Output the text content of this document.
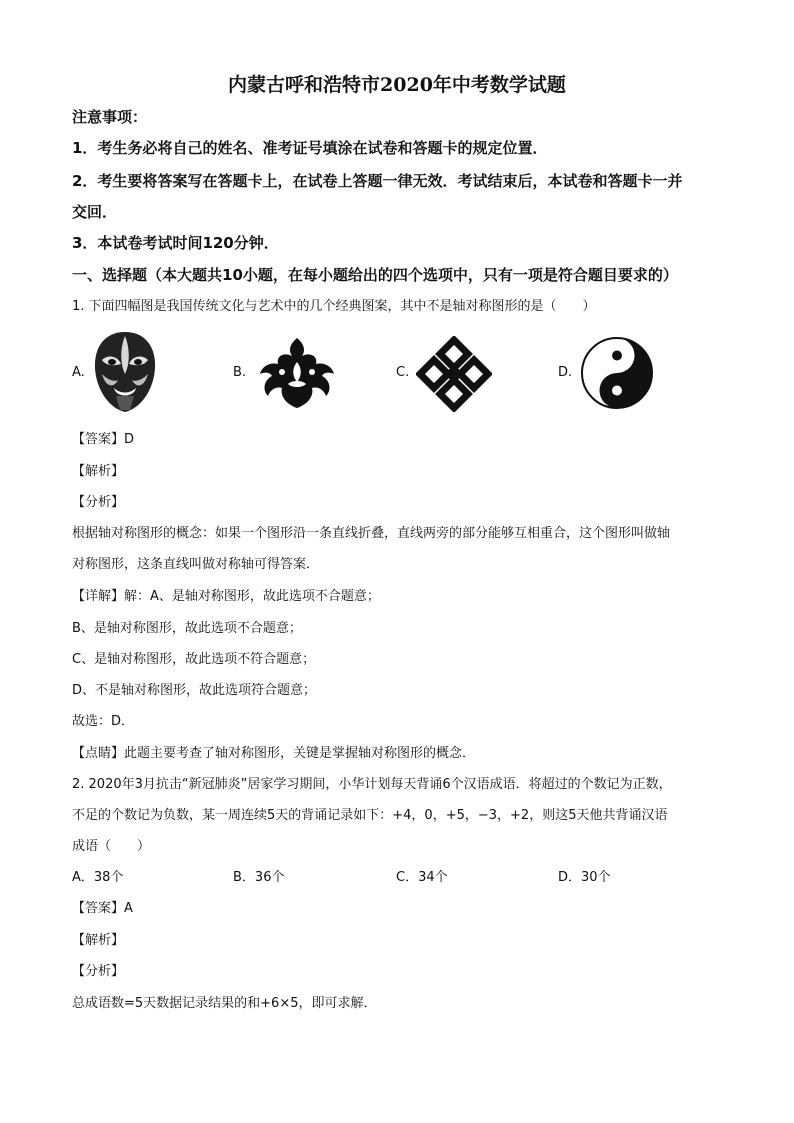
内蒙古呼和浩特市2020年中考数学试题
注意事项：
1．考生务必将自己的姓名、准考证号填涂在试卷和答题卡的规定位置．
2．考生要将答案写在答题卡上，在试卷上答题一律无效．考试结束后，本试卷和答题卡一并
交回．
3．本试卷考试时间120分钟．
一、选择题（本大题共10小题，在每小题给出的四个选项中，只有一项是符合题目要求的）
1. 下面四幅图是我国传统文化与艺术中的几个经典图案，其中不是轴对称图形的是（　　）
A.	B.	C.	D.
【答案】D
【解析】
【分析】
根据轴对称图形的概念：如果一个图形沿一条直线折叠，直线两旁的部分能够互相重合，这个图形叫做轴
对称图形，这条直线叫做对称轴可得答案．
【详解】解：A、是轴对称图形，故此选项不合题意；
B、是轴对称图形，故此选项不合题意；
C、是轴对称图形，故此选项不符合题意；
D、不是轴对称图形，故此选项符合题意；
故选：D．
【点睛】此题主要考查了轴对称图形，关键是掌握轴对称图形的概念．
2. 2020年3月抗击“新冠肺炎”居家学习期间，小华计划每天背诵6个汉语成语．将超过的个数记为正数，
不足的个数记为负数，某一周连续5天的背诵记录如下：+4，0，+5，−3，+2，则这5天他共背诵汉语
成语（　　）
A．38个	B．36个	C．34个	D．30个
【答案】A
【解析】
【分析】
总成语数=5天数据记录结果的和+6×5，即可求解．
